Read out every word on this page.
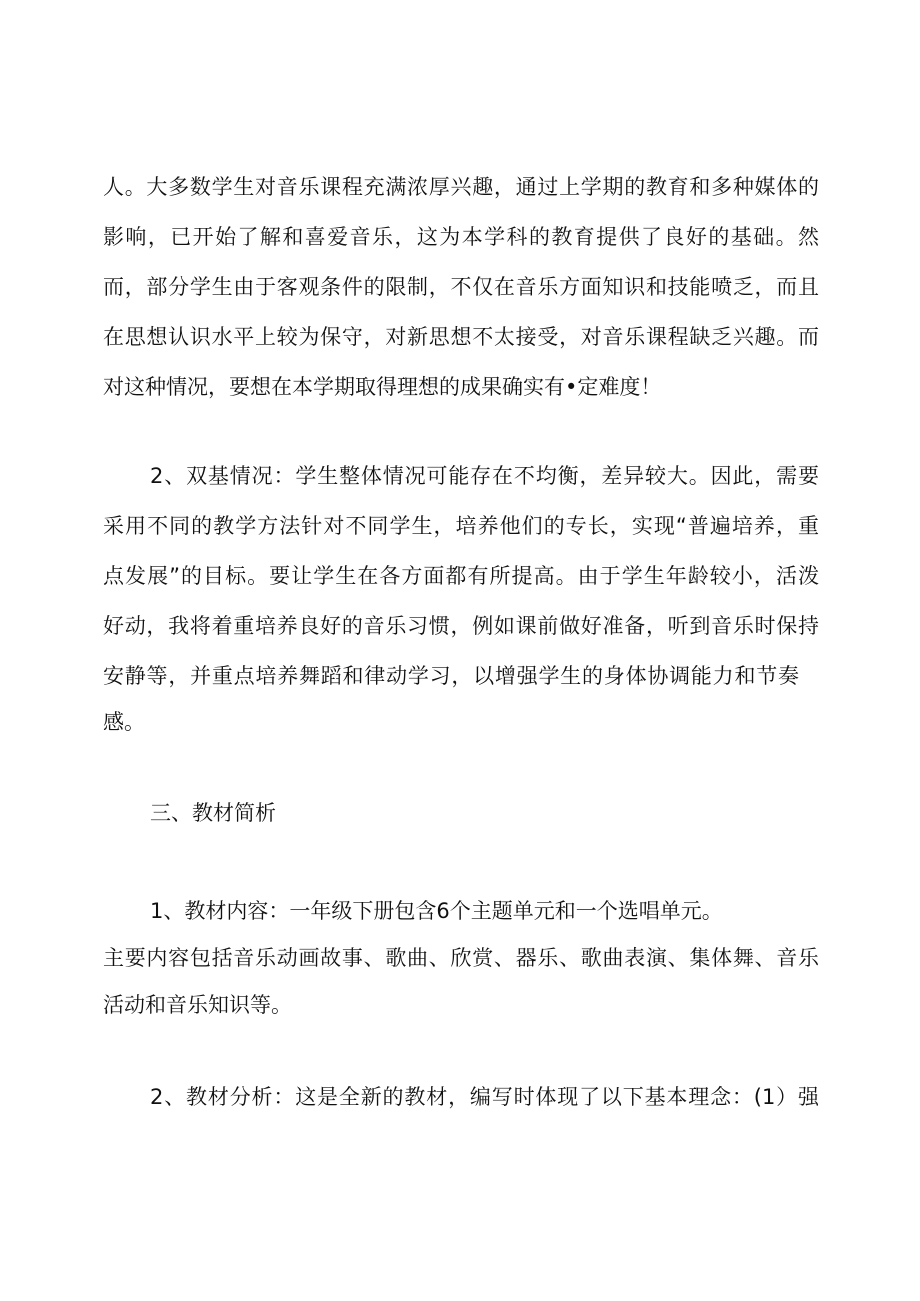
人。大多数学生对音乐课程充满浓厚兴趣，通过上学期的教育和多种媒体的
影响，已开始了解和喜爱音乐，这为本学科的教育提供了良好的基础。然
而，部分学生由于客观条件的限制，不仅在音乐方面知识和技能喷乏，而且
在思想认识水平上较为保守，对新思想不太接受，对音乐课程缺乏兴趣。而
对这种情况，要想在本学期取得理想的成果确实有•定难度！
2、双基情况：学生整体情况可能存在不均衡，差异较大。因此，需要
采用不同的教学方法针对不同学生，培养他们的专长，实现“普遍培养，重
点发展”的目标。要让学生在各方面都有所提高。由于学生年龄较小，活泼
好动，我将着重培养良好的音乐习惯，例如课前做好准备，听到音乐时保持
安静等，并重点培养舞蹈和律动学习，以增强学生的身体协调能力和节奏
感。
三、教材简析
1、教材内容：一年级下册包含6个主题单元和一个选唱单元。
主要内容包括音乐动画故事、歌曲、欣赏、器乐、歌曲表演、集体舞、音乐
活动和音乐知识等。
2、教材分析：这是全新的教材，编写时体现了以下基本理念：(1）强
